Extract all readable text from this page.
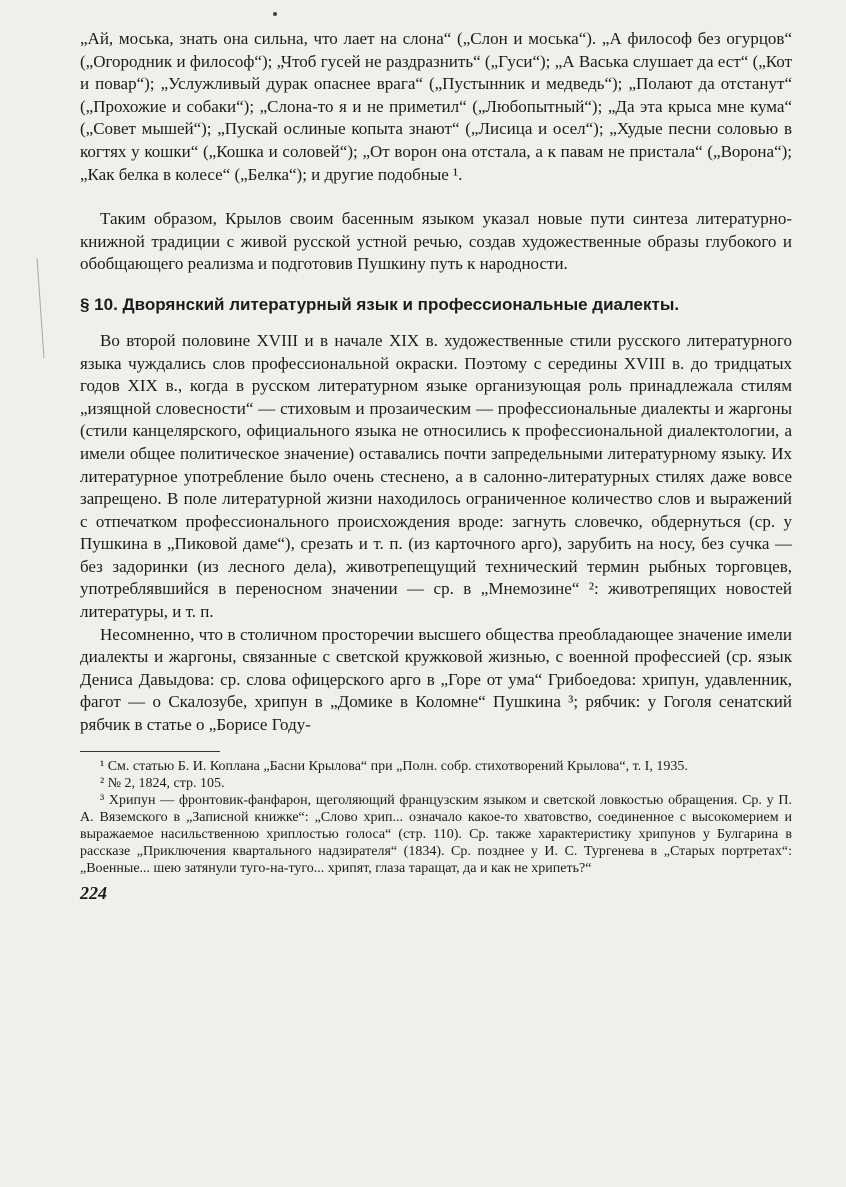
„Ай, моська, знать она сильна, что лает на слона“ („Слон и моська“). „А философ без огурцов“ („Огородник и философ“); „Чтоб гусей не раздразнить“ („Гуси“); „А Васька слушает да ест“ („Кот и повар“); „Услужливый дурак опаснее врага“ („Пустынник и медведь“); „Полают да отстанут“ („Прохожие и собаки“); „Слона-то я и не приметил“ („Любопытный“); „Да эта крыса мне кума“ („Совет мышей“); „Пускай ослиные копыта знают“ („Лисица и осел“); „Худые песни соловью в когтях у кошки“ („Кошка и соловей“); „От ворон она отстала, а к павам не пристала“ („Ворона“); „Как белка в колесе“ („Белка“); и другие подобные ¹.

Таким образом, Крылов своим басенным языком указал новые пути синтеза литературно-книжной традиции с живой русской устной речью, создав художественные образы глубокого и обобщающего реализма и подготовив Пушкину путь к народности.

§ 10. Дворянский литературный язык и профессиональные диалекты.

Во второй половине XVIII и в начале XIX в. художественные стили русского литературного языка чуждались слов профессиональной окраски. Поэтому с середины XVIII в. до тридцатых годов XIX в., когда в русском литературном языке организующая роль принадлежала стилям „изящной словесности“ — стиховым и прозаическим — профессиональные диалекты и жаргоны (стили канцелярского, официального языка не относились к профессиональной диалектологии, а имели общее политическое значение) оставались почти запредельными литературному языку. Их литературное употребление было очень стеснено, а в салонно-литературных стилях даже вовсе запрещено. В поле литературной жизни находилось ограниченное количество слов и выражений с отпечатком профессионального происхождения вроде: загнуть словечко, обдернуться (ср. у Пушкина в „Пиковой даме“), срезать и т. п. (из карточного арго), зарубить на носу, без сучка — без задоринки (из лесного дела), животрепещущий технический термин рыбных торговцев, употреблявшийся в переносном значении — ср. в „Мнемозине“ ²: животрепящих новостей литературы, и т. п.

Несомненно, что в столичном просторечии высшего общества преобладающее значение имели диалекты и жаргоны, связанные с светской кружковой жизнью, с военной профессией (ср. язык Дениса Давыдова: ср. слова офицерского арго в „Горе от ума“ Грибоедова: хрипун, удавленник, фагот — о Скалозубе, хрипун в „Домике в Коломне“ Пушкина ³; рябчик: у Гоголя сенатский рябчик в статье о „Борисе Году-

¹ См. статью Б. И. Коплана „Басни Крылова“ при „Полн. собр. стихотворений Крылова“, т. I, 1935.

² № 2, 1824, стр. 105.

³ Хрипун — фронтовик-фанфарон, щеголяющий французским языком и светской ловкостью обращения. Ср. у П. А. Вяземского в „Записной книжке“: „Слово хрип... означало какое-то хватовство, соединенное с высокомерием и выражаемое насильственною хриплостью голоса“ (стр. 110). Ср. также характеристику хрипунов у Булгарина в рассказе „Приключения квартального надзирателя“ (1834). Ср. позднее у И. С. Тургенева в „Старых портретах“: „Военные... шею затянули туго-на-туго... хрипят, глаза таращат, да и как не хрипеть?“

224
